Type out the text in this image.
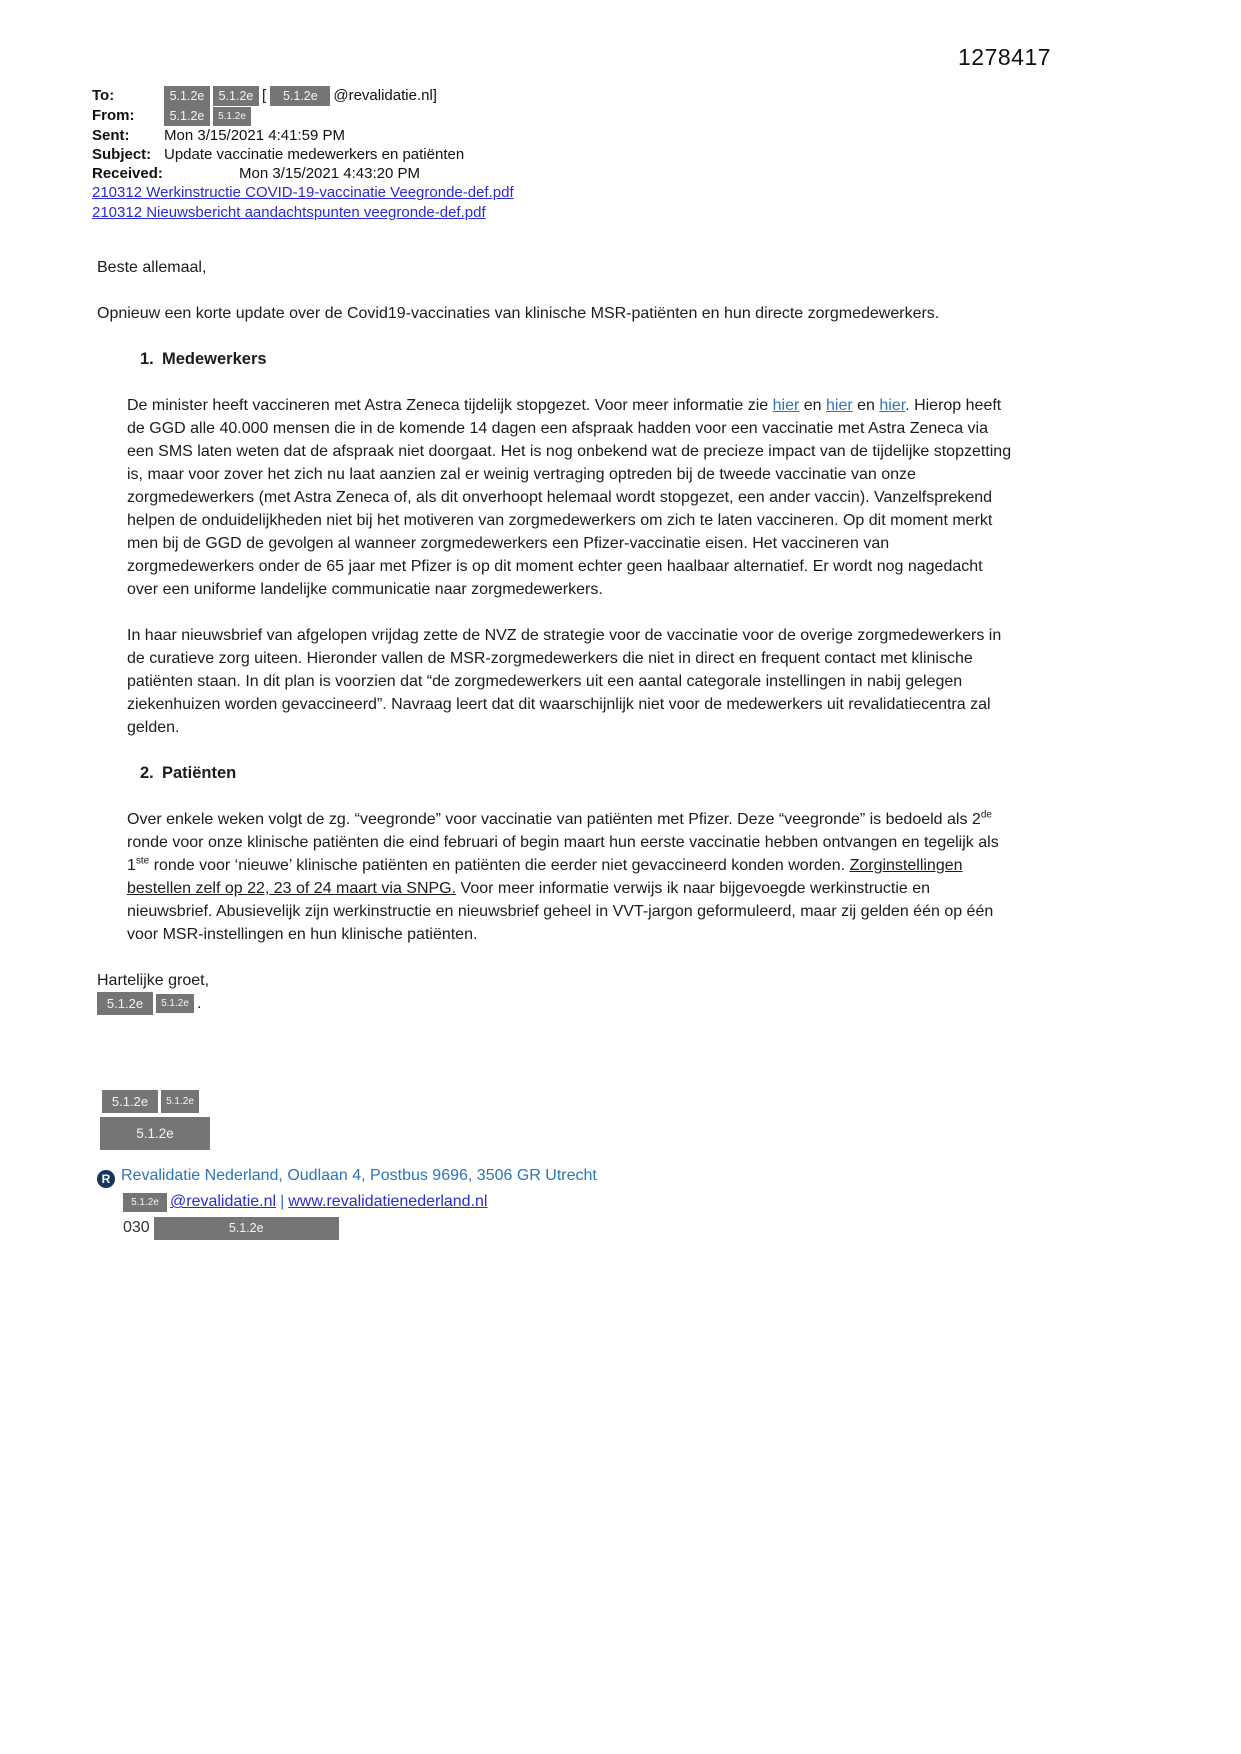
1278417
To:	5.1.2e 5.1.2e [ 5.1.2e @revalidatie.nl]
From:	5.1.2e 5.1.2e
Sent:	Mon 3/15/2021 4:41:59 PM
Subject: Update vaccinatie medewerkers en patiënten
Received:	Mon 3/15/2021 4:43:20 PM
210312 Werkinstructie COVID-19-vaccinatie Veegronde-def.pdf
210312 Nieuwsbericht aandachtspunten veegronde-def.pdf
Beste allemaal,
Opnieuw een korte update over de Covid19-vaccinaties van klinische MSR-patiënten en hun directe zorgmedewerkers.
1. Medewerkers

De minister heeft vaccineren met Astra Zeneca tijdelijk stopgezet. Voor meer informatie zie hier en hier en hier. Hierop heeft de GGD alle 40.000 mensen die in de komende 14 dagen een afspraak hadden voor een vaccinatie met Astra Zeneca via een SMS laten weten dat de afspraak niet doorgaat. Het is nog onbekend wat de precieze impact van de tijdelijke stopzetting is, maar voor zover het zich nu laat aanzien zal er weinig vertraging optreden bij de tweede vaccinatie van onze zorgmedewerkers (met Astra Zeneca of, als dit onverhoopt helemaal wordt stopgezet, een ander vaccin). Vanzelfsprekend helpen de onduidelijkheden niet bij het motiveren van zorgmedewerkers om zich te laten vaccineren. Op dit moment merkt men bij de GGD de gevolgen al wanneer zorgmedewerkers een Pfizer-vaccinatie eisen. Het vaccineren van zorgmedewerkers onder de 65 jaar met Pfizer is op dit moment echter geen haalbaar alternatief. Er wordt nog nagedacht over een uniforme landelijke communicatie naar zorgmedewerkers.

In haar nieuwsbrief van afgelopen vrijdag zette de NVZ de strategie voor de vaccinatie voor de overige zorgmedewerkers in de curatieve zorg uiteen. Hieronder vallen de MSR-zorgmedewerkers die niet in direct en frequent contact met klinische patiënten staan. In dit plan is voorzien dat “de zorgmedewerkers uit een aantal categorale instellingen in nabij gelegen ziekenhuizen worden gevaccineerd”. Navraag leert dat dit waarschijnlijk niet voor de medewerkers uit revalidatiecentra zal gelden.

2. Patiënten

Over enkele weken volgt de zg. “veegronde” voor vaccinatie van patiënten met Pfizer. Deze “veegronde” is bedoeld als 2de ronde voor onze klinische patiënten die eind februari of begin maart hun eerste vaccinatie hebben ontvangen en tegelijk als 1ste ronde voor ‘nieuwe’ klinische patiënten en patiënten die eerder niet gevaccineerd konden worden. Zorginstellingen bestellen zelf op 22, 23 of 24 maart via SNPG. Voor meer informatie verwijs ik naar bijgevoegde werkinstructie en nieuwsbrief. Abusievelijk zijn werkinstructie en nieuwsbrief geheel in VVT-jargon geformuleerd, maar zij gelden één op één voor MSR-instellingen en hun klinische patiënten.

Hartelijke groet,
5.1.2e 5.1.2e .
5.1.2e 5.1.2e
5.1.2e
R Revalidatie Nederland, Oudlaan 4, Postbus 9696, 3506 GR Utrecht
5.1.2e @revalidatie.nl | www.revalidatienederland.nl
030	5.1.2e
